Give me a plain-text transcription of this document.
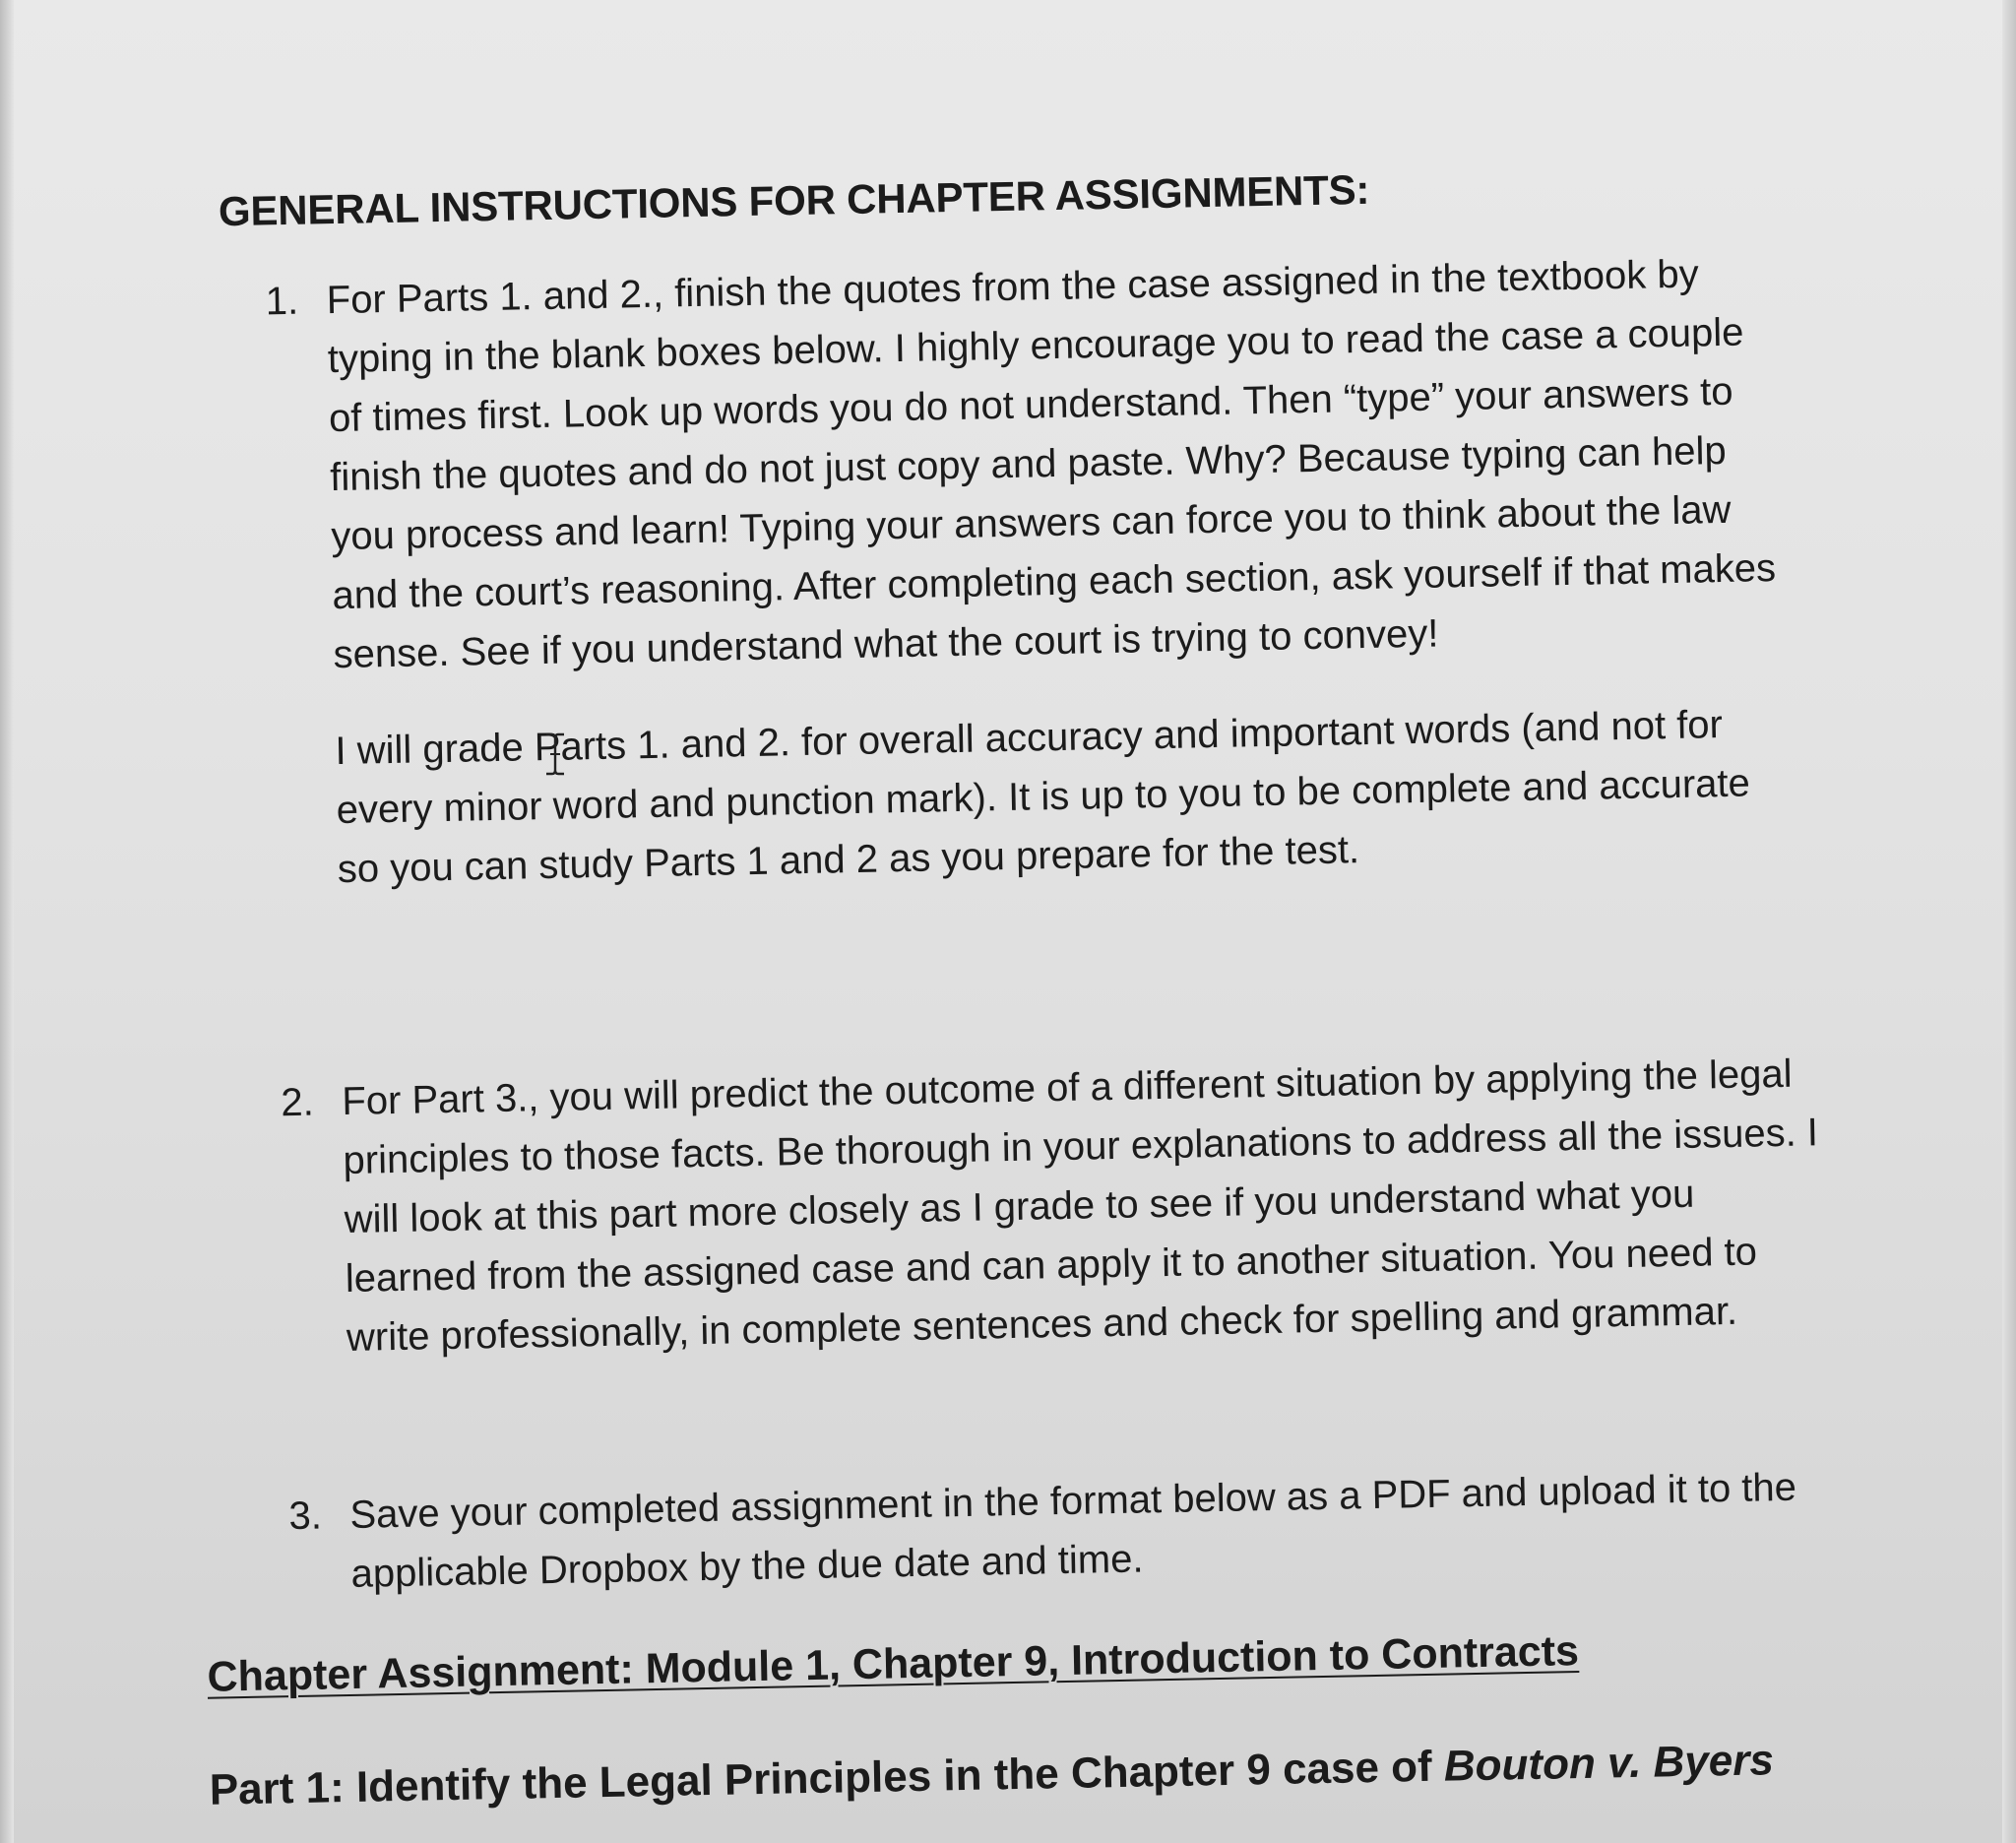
GENERAL INSTRUCTIONS FOR CHAPTER ASSIGNMENTS:
1. For Parts 1. and 2., finish the quotes from the case assigned in the textbook by typing in the blank boxes below. I highly encourage you to read the case a couple of times first. Look up words you do not understand. Then “type” your answers to finish the quotes and do not just copy and paste. Why? Because typing can help you process and learn! Typing your answers can force you to think about the law and the court’s reasoning. After completing each section, ask yourself if that makes sense. See if you understand what the court is trying to convey!

I will grade Parts 1. and 2. for overall accuracy and important words (and not for every minor word and punction mark). It is up to you to be complete and accurate so you can study Parts 1 and 2 as you prepare for the test.

2. For Part 3., you will predict the outcome of a different situation by applying the legal principles to those facts. Be thorough in your explanations to address all the issues. I will look at this part more closely as I grade to see if you understand what you learned from the assigned case and can apply it to another situation. You need to write professionally, in complete sentences and check for spelling and grammar.

3. Save your completed assignment in the format below as a PDF and upload it to the applicable Dropbox by the due date and time.

Chapter Assignment: Module 1, Chapter 9, Introduction to Contracts
Part 1: Identify the Legal Principles in the Chapter 9 case of Bouton v. Byers
